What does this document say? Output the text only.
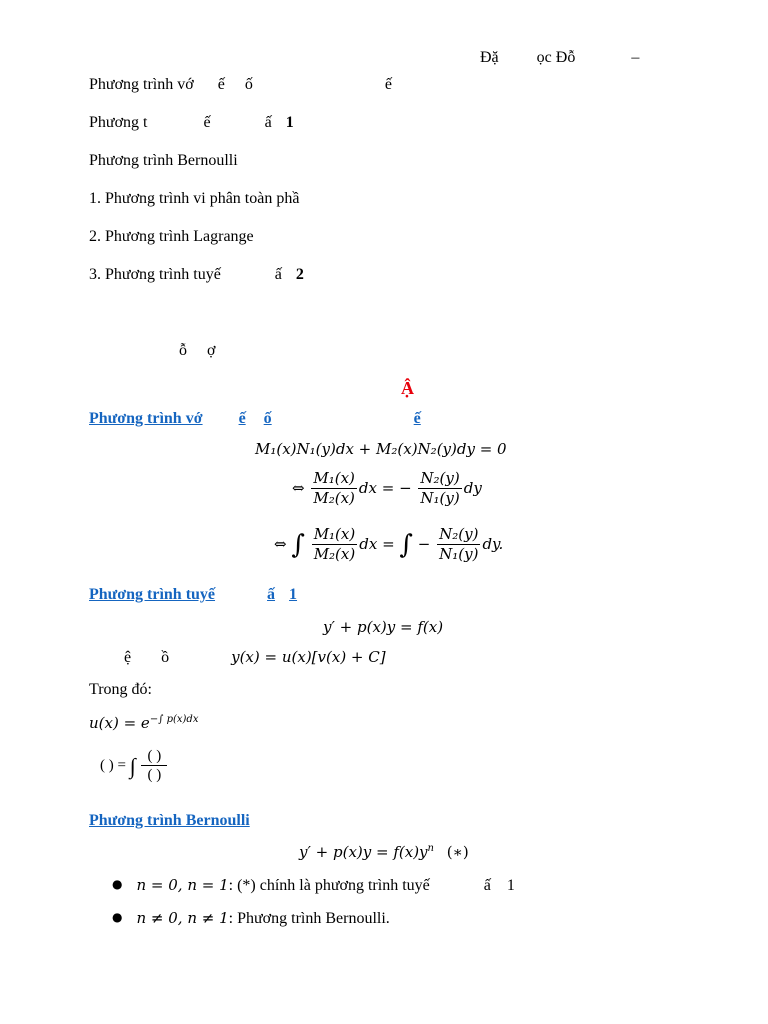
Đặ ọc Đỗ	–
Phương trình vớ ế ố	ế
Phương t	ế	ấ 1
Phương trình Bernoulli
1. Phương trình vi phân toàn phầ
2. Phương trình Lagrange
3. Phương trình tuyế	ấ 2
ỗ ợ
Ậ
Phương trình vớ ế ố	ế
M₁(x)N₁(y)dx + M₂(x)N₂(y)dy = 0
⇔ $\frac{\text{M₁(x)}}{\text{M₂(x)}}$ dx = − $\frac{\text{N₂(y)}}{\text{N₁(y)}}$ dy
⇔ ∫ $\frac{\text{M₁(x)}}{\text{M₂(x)}}$ dx = ∫ − $\frac{\text{N₂(y)}}{\text{N₁(y)}}$ dy.
Phương trình tuyế	ấ 1
y′ + p(x)y = f(x)
ệ ồ	y(x) = u(x)[v(x) + C]
Trong đó:
$u(x) = e^{-\int p(x)dx}$
( ) = ∫ $\frac{( )}{( )}$
Phương trình Bernoulli
$y' + p(x)y = f(x)y^n$ (∗)
● n = 0, n = 1: (*) chính là phương trình tuyế	ấ 1
● n ≠ 0, n ≠ 1: Phương trình Bernoulli.
